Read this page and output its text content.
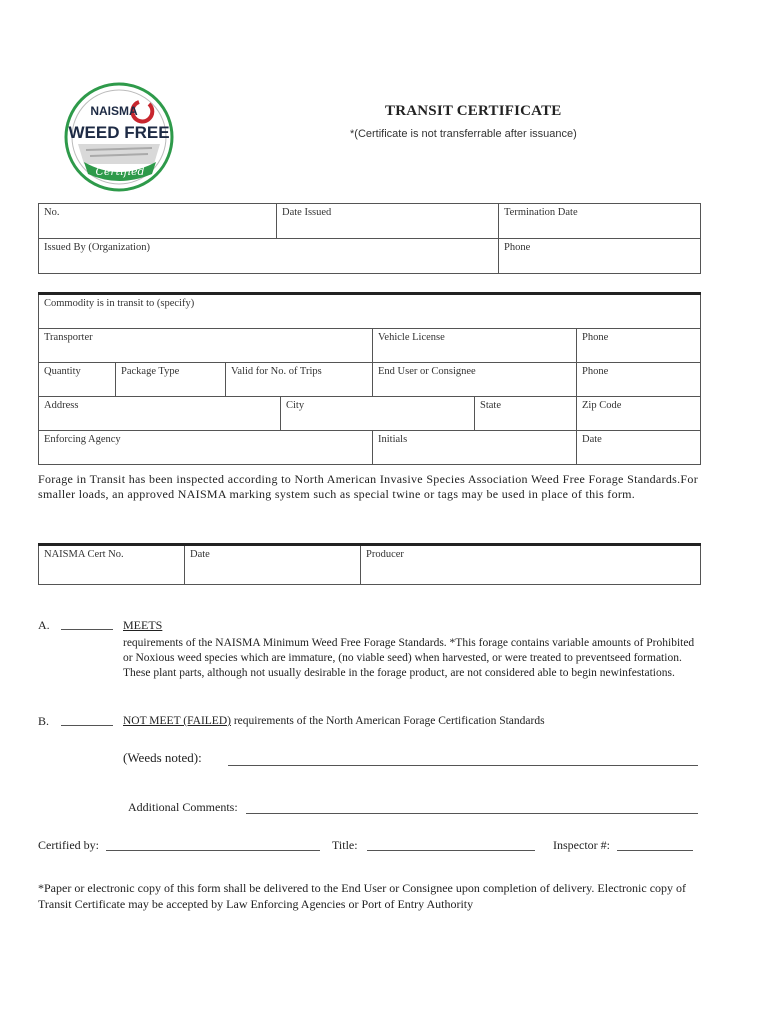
NAISMA
WEED FREE
Certified
TRANSIT CERTIFICATE
*(Certificate is not transferrable after issuance)
No.	Date Issued	Termination Date
Issued By (Organization)		Phone
Commodity is in transit to (specify)						
Transporter				Vehicle License		Phone
Quantity	Package Type	Valid for No. of Trips		End User or Consignee		Phone
Address			City		State	Zip Code
Enforcing Agency				Initials		Date
Forage in Transit has been inspected according to North American Invasive Species Association Weed Free Forage Standards.For smaller loads, an approved NAISMA marking system such as special twine or tags may be used in place of this form.
NAISMA Cert No.	Date	Producer
A.	MEETS
requirements of the NAISMA Minimum Weed Free Forage Standards. *This forage contains variable amounts of Prohibited or Noxious weed species which are immature, (no viable seed) when harvested, or were treated to preventseed formation. These plant parts, although not usually desirable in the forage product, are not considered able to begin newinfestations.
B.	NOT MEET (FAILED) requirements of the North American Forage Certification Standards
(Weeds noted):
Additional Comments:
Certified by:	Title:	Inspector #:
*Paper or electronic copy of this form shall be delivered to the End User or Consignee upon completion of delivery. Electronic copy of Transit Certificate may be accepted by Law Enforcing Agencies or Port of Entry Authority
